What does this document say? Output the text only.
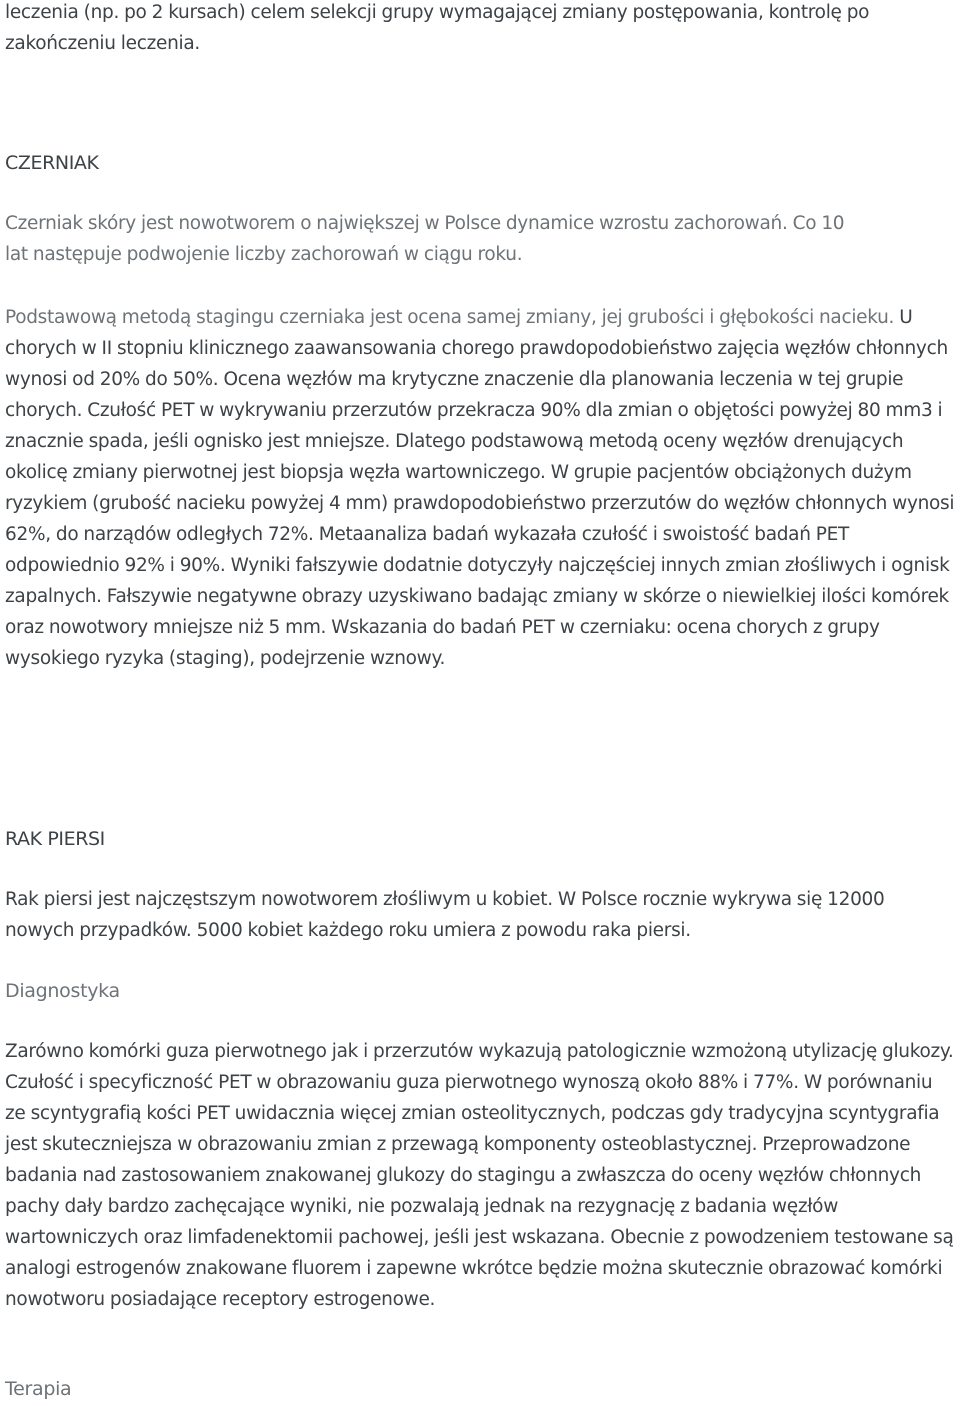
leczenia (np. po 2 kursach) celem selekcji grupy wymagającej zmiany postępowania, kontrolę po zakończeniu leczenia.

CZERNIAK

Czerniak skóry jest nowotworem o największej w Polsce dynamice wzrostu zachorowań. Co 10 lat następuje podwojenie liczby zachorowań w ciągu roku.

Podstawową metodą stagingu czerniaka jest ocena samej zmiany, jej grubości i głębokości nacieku. U chorych w II stopniu klinicznego zaawansowania chorego prawdopodobieństwo zajęcia węzłów chłonnych wynosi od 20% do 50%. Ocena węzłów ma krytyczne znaczenie dla planowania leczenia w tej grupie chorych. Czułość PET w wykrywaniu przerzutów przekracza 90% dla zmian o objętości powyżej 80 mm3 i znacznie spada, jeśli ognisko jest mniejsze. Dlatego podstawową metodą oceny węzłów drenujących okolicę zmiany pierwotnej jest biopsja węzła wartowniczego. W grupie pacjentów obciążonych dużym ryzykiem (grubość nacieku powyżej 4 mm) prawdopodobieństwo przerzutów do węzłów chłonnych wynosi 62%, do narządów odległych 72%. Metaanaliza badań wykazała czułość i swoistość badań PET odpowiednio 92% i 90%. Wyniki fałszywie dodatnie dotyczyły najczęściej innych zmian złośliwych i ognisk zapalnych. Fałszywie negatywne obrazy uzyskiwano badając zmiany w skórze o niewielkiej ilości komórek oraz nowotwory mniejsze niż 5 mm. Wskazania do badań PET w czerniaku: ocena chorych z grupy wysokiego ryzyka (staging), podejrzenie wznowy.

RAK PIERSI

Rak piersi jest najczęstszym nowotworem złośliwym u kobiet. W Polsce rocznie wykrywa się 12000 nowych przypadków. 5000 kobiet każdego roku umiera z powodu raka piersi.

Diagnostyka

Zarówno komórki guza pierwotnego jak i przerzutów wykazują patologicznie wzmożoną utylizację glukozy. Czułość i specyficzność PET w obrazowaniu guza pierwotnego wynoszą około 88% i 77%. W porównaniu ze scyntygrafią kości PET uwidacznia więcej zmian osteolitycznych, podczas gdy tradycyjna scyntygrafia jest skuteczniejsza w obrazowaniu zmian z przewagą komponenty osteoblastycznej. Przeprowadzone badania nad zastosowaniem znakowanej glukozy do stagingu a zwłaszcza do oceny węzłów chłonnych pachy dały bardzo zachęcające wyniki, nie pozwalają jednak na rezygnację z badania węzłów wartowniczych oraz limfadenektomii pachowej, jeśli jest wskazana. Obecnie z powodzeniem testowane są analogi estrogenów znakowane fluorem i zapewne wkrótce będzie można skutecznie obrazować komórki nowotworu posiadające receptory estrogenowe.

Terapia
